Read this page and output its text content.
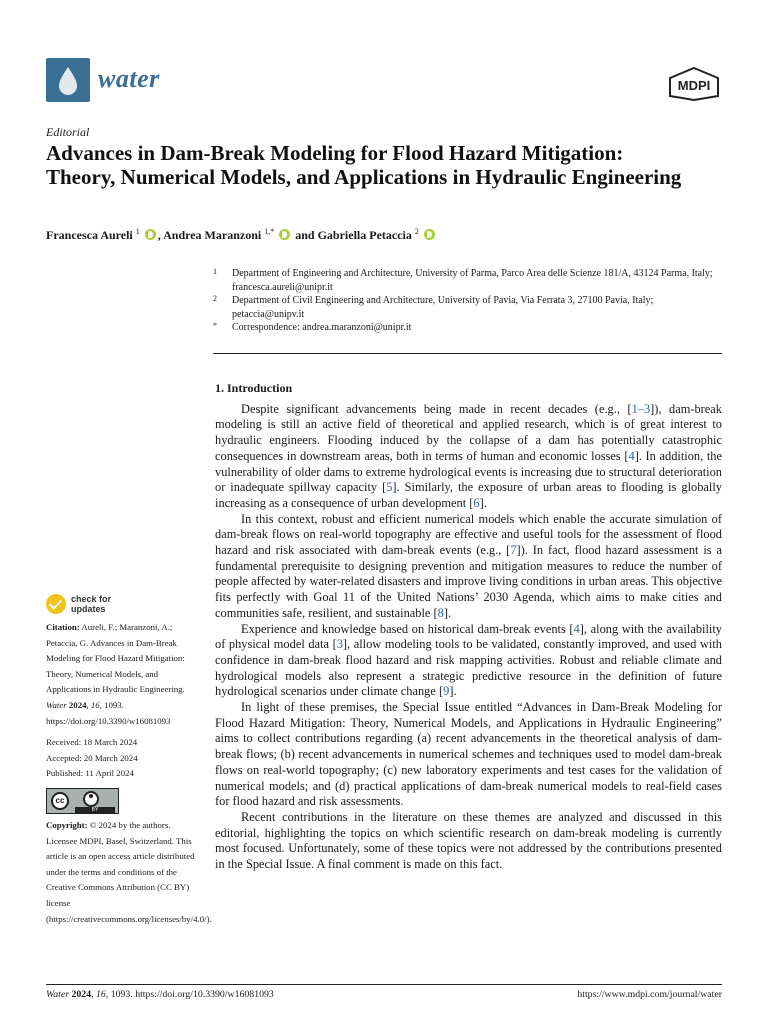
water	MDPI
Editorial
Advances in Dam-Break Modeling for Flood Hazard Mitigation: Theory, Numerical Models, and Applications in Hydraulic Engineering
Francesca Aureli $^1$ , Andrea Maranzoni $^{1,*}$  and Gabriella Petaccia $^2$
1 Department of Engineering and Architecture, University of Parma, Parco Area delle Scienze 181/A, 43124 Parma, Italy; francesca.aureli@unipr.it
2 Department of Civil Engineering and Architecture, University of Pavia, Via Ferrata 3, 27100 Pavia, Italy; petaccia@unipv.it
* Correspondence: andrea.maranzoni@unipr.it
check for
updates
Citation: Aureli, F.; Maranzoni, A.; Petaccia, G. Advances in Dam-Break Modeling for Flood Hazard Mitigation: Theory, Numerical Models, and Applications in Hydraulic Engineering. Water 2024, 16, 1093. https://doi.org/10.3390/w16081093
Received: 18 March 2024
Accepted: 20 March 2024
Published: 11 April 2024
cc
BY
Copyright: © 2024 by the authors. Licensee MDPI, Basel, Switzerland. This article is an open access article distributed under the terms and conditions of the Creative Commons Attribution (CC BY) license (https://creativecommons.org/licenses/by/4.0/).
1. Introduction
Despite significant advancements being made in recent decades (e.g., [1–3]), dam-break modeling is still an active field of theoretical and applied research, which is of great interest to hydraulic engineers. Flooding induced by the collapse of a dam has potentially catastrophic consequences in downstream areas, both in terms of human and economic losses [4]. In addition, the vulnerability of older dams to extreme hydrological events is increasing due to structural deterioration or inadequate spillway capacity [5]. Similarly, the exposure of urban areas to flooding is globally increasing as a consequence of urban development [6].
In this context, robust and efficient numerical models which enable the accurate simulation of dam-break flows on real-world topography are effective and useful tools for the assessment of flood hazard and risk associated with dam-break events (e.g., [7]). In fact, flood hazard assessment is a fundamental prerequisite to designing prevention and mitigation measures to reduce the number of people affected by water-related disasters and improve living conditions in urban areas. This objective fits perfectly with Goal 11 of the United Nations’ 2030 Agenda, which aims to make cities and communities safe, resilient, and sustainable [8].
Experience and knowledge based on historical dam-break events [4], along with the availability of physical model data [3], allow modeling tools to be validated, constantly improved, and used with confidence in dam-break flood hazard and risk mapping activities. Robust and reliable climate and hydrological models also represent a strategic predictive resource in the definition of future hydrological scenarios under climate change [9].
In light of these premises, the Special Issue entitled “Advances in Dam-Break Modeling for Flood Hazard Mitigation: Theory, Numerical Models, and Applications in Hydraulic Engineering” aims to collect contributions regarding (a) recent advancements in the theoretical analysis of dam-break flows; (b) recent advancements in numerical schemes and techniques used to model dam-break flows on real-world topography; (c) new laboratory experiments and test cases for the validation of numerical models; and (d) practical applications of dam-break numerical models to real-field cases for flood hazard and risk assessments.
Recent contributions in the literature on these themes are analyzed and discussed in this editorial, highlighting the topics on which scientific research on dam-break modeling is currently most focused. Unfortunately, some of these topics were not addressed by the contributions presented in the Special Issue. A final comment is made on this fact.
Water 2024, 16, 1093. https://doi.org/10.3390/w16081093	https://www.mdpi.com/journal/water
